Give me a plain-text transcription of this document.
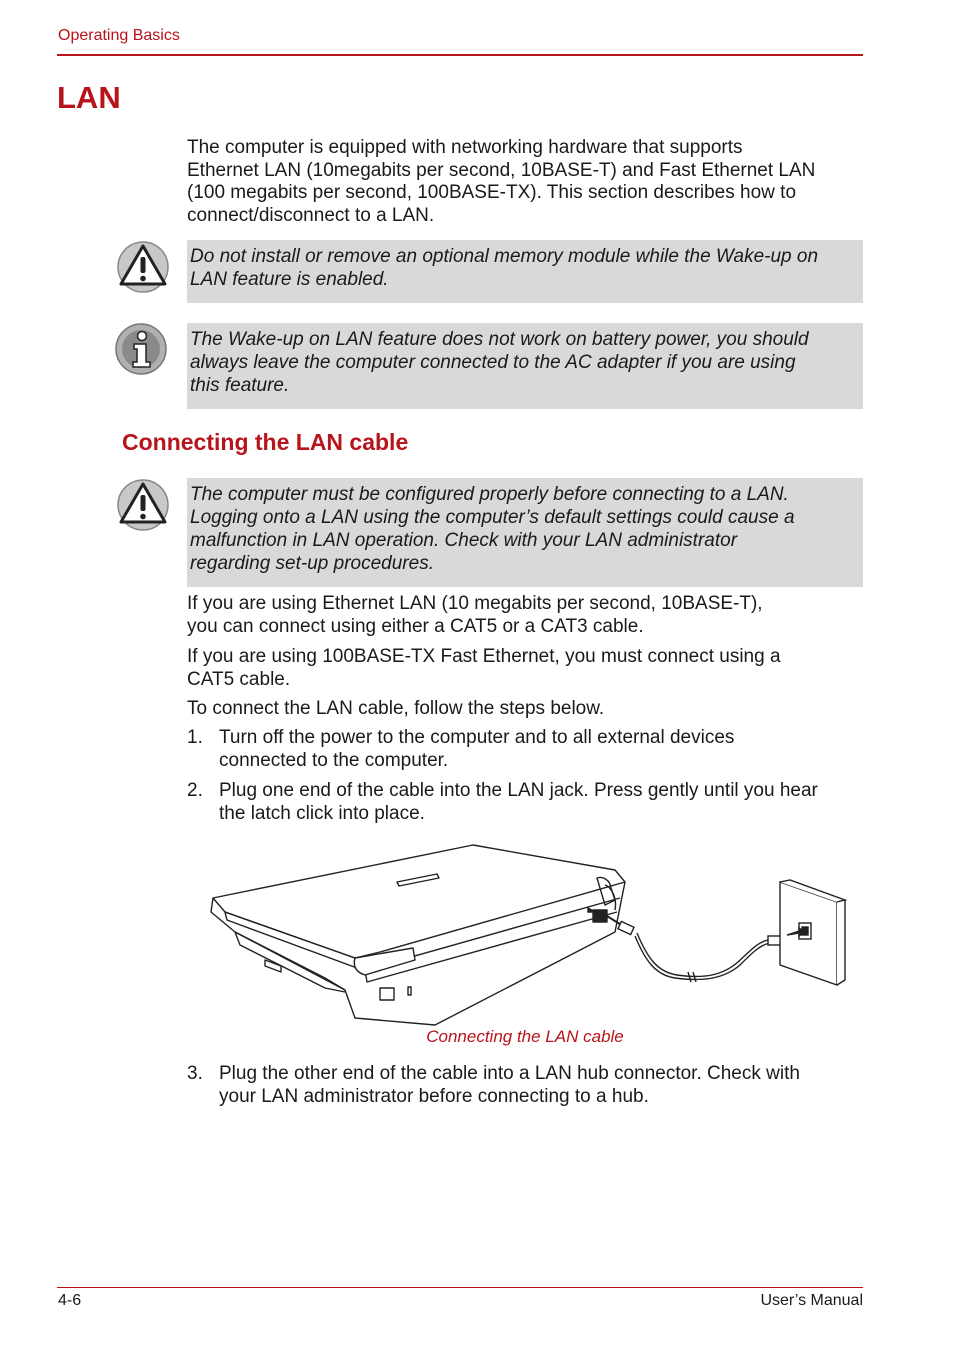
Operating Basics
LAN
The computer is equipped with networking hardware that supports
Ethernet LAN (10megabits per second, 10BASE-T) and Fast Ethernet LAN
(100 megabits per second, 100BASE-TX). This section describes how to
connect/disconnect to a LAN.
Do not install or remove an optional memory module while the Wake-up on
LAN feature is enabled.
The Wake-up on LAN feature does not work on battery power, you should
always leave the computer connected to the AC adapter if you are using
this feature.
Connecting the LAN cable
The computer must be configured properly before connecting to a LAN.
Logging onto a LAN using the computer’s default settings could cause a
malfunction in LAN operation. Check with your LAN administrator
regarding set-up procedures.
If you are using Ethernet LAN (10 megabits per second, 10BASE-T),
you can connect using either a CAT5 or a CAT3 cable.
If you are using 100BASE-TX Fast Ethernet, you must connect using a
CAT5 cable.
To connect the LAN cable, follow the steps below.
1. Turn off the power to the computer and to all external devices
connected to the computer.
2. Plug one end of the cable into the LAN jack. Press gently until you hear
the latch click into place.
Connecting the LAN cable
3. Plug the other end of the cable into a LAN hub connector. Check with
your LAN administrator before connecting to a hub.
4-6	User’s Manual
